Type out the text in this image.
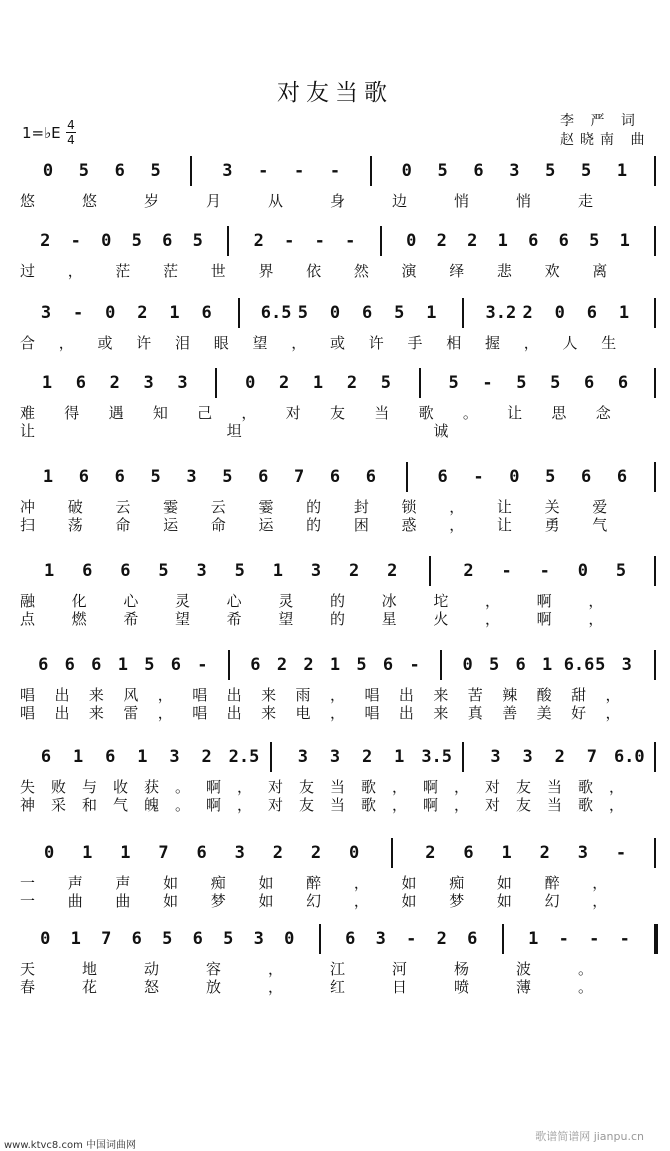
对友当歌
1=♭E 4
4
李 严 词
赵晓南 曲
0 5 6 5	3 - - -	0 5 6 3 5 5 1
悠	悠	岁	月	从	身	边	悄	悄	走
2 - 0 5 6 5	2 - - -	0 2 2 1 6 6 5 1
过 ， 茫 茫 世 界 依 然 演 绎 悲 欢 离
3 - 0 2 1 6	6.5 5 0 6 5 1	3.2 2 0 6 1
合 ， 或 许 泪 眼 望 ， 或 许 手 相 握 ， 人 生
1 6 2 3 3	0 2 1 2 5	5 - 5 5 6 6
难 得 遇 知 己 ， 对 友 当 歌 。 让 思 念
让	坦	诚
1 6 6 5 3 5 6 7 6 6	6 - 0 5 6 6
冲 破 云 霎 云 霎 的 封 锁 ， 让 关 爱
扫 荡 命 运 命 运 的 困 惑 ， 让 勇 气
1 6 6 5 3 5 1 3 2 2	2 - - 0 5
融 化 心 灵 心 灵 的 冰 坨 ， 啊 ，
点 燃 希 望 希 望 的 星 火 ， 啊 ，
6 6 6 1 5 6 -	6 2 2 1 5 6 -	0 5 6 1 6.6 5 3
唱 出 来 风 ， 唱 出 来 雨 ， 唱 出 来 苦 辣 酸 甜 ，
唱 出 来 雷 ， 唱 出 来 电 ， 唱 出 来 真 善 美 好 ，
6 1 6 1 3 2 2.5 3 3 2 1 3.5 3 3 2 7 6.0
失 败 与 收 获 。 啊 ， 对 友 当 歌 ， 啊 ， 对 友 当 歌 ，
神 采 和 气 魄 。 啊 ， 对 友 当 歌 ， 啊 ， 对 友 当 歌 ，
0 1 1 7 6 3 2 2 0	2 6 1 2 3 -
一 声 声 如 痴 如 醉 ， 如 痴 如 醉 ，
一 曲 曲 如 梦 如 幻 ， 如 梦 如 幻 ，
0 1 7 6 5 6 5 3 0	6 3 - 2 6	1 - - -
天	地	动	容	，	江	河	杨	波	。
春	花	怒	放	，	红	日	喷	薄	。
www.ktvc8.com 中国词曲网
歌谱简谱网 jianpu.cn
